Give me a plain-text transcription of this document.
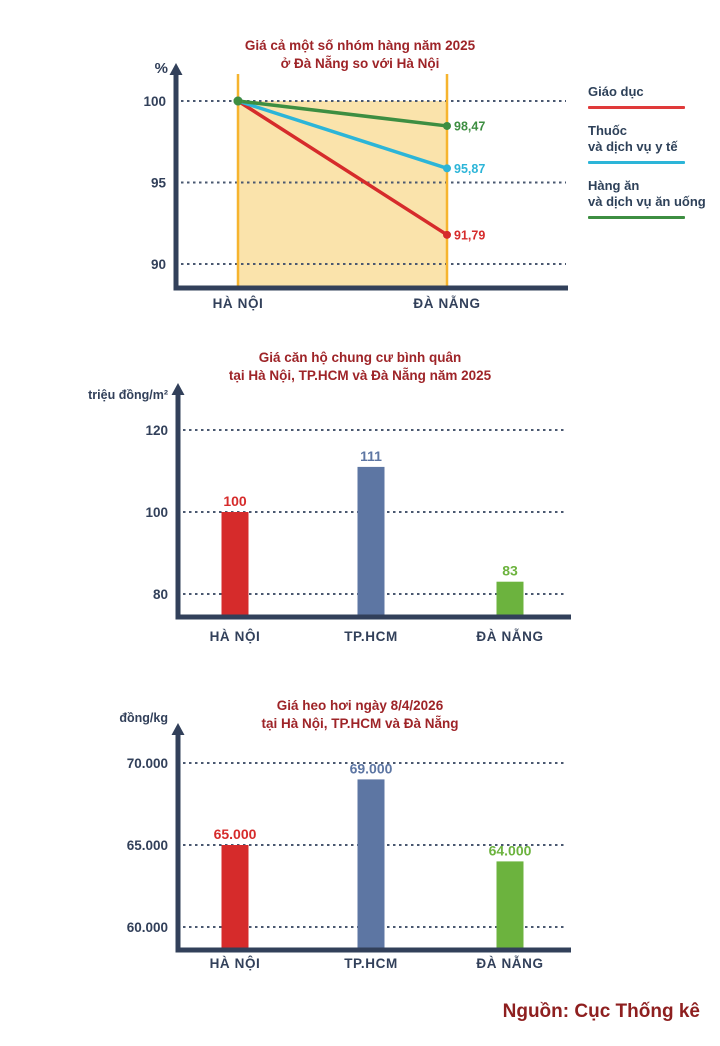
100
95
90
91,79
95,87
98,47
HÀ NỘI	ĐÀ NẴNG
120
100
80
100
111
83
HÀ NỘI	TP.HCM	ĐÀ NẴNG
70.000
65.000
60.000
65.000
69.000
64.000
HÀ NỘI	TP.HCM	ĐÀ NẴNG
Giá cả một số nhóm hàng năm 2025
ở Đà Nẵng so với Hà Nội
%
Giáo dục
Thuốc
và dịch vụ y tế
Hàng ăn
và dịch vụ ăn uống
Giá căn hộ chung cư bình quân
tại Hà Nội, TP.HCM và Đà Nẵng năm 2025
triệu đồng/m²
Giá heo hơi ngày 8/4/2026
tại Hà Nội, TP.HCM và Đà Nẵng
đồng/kg
Nguồn: Cục Thống kê
